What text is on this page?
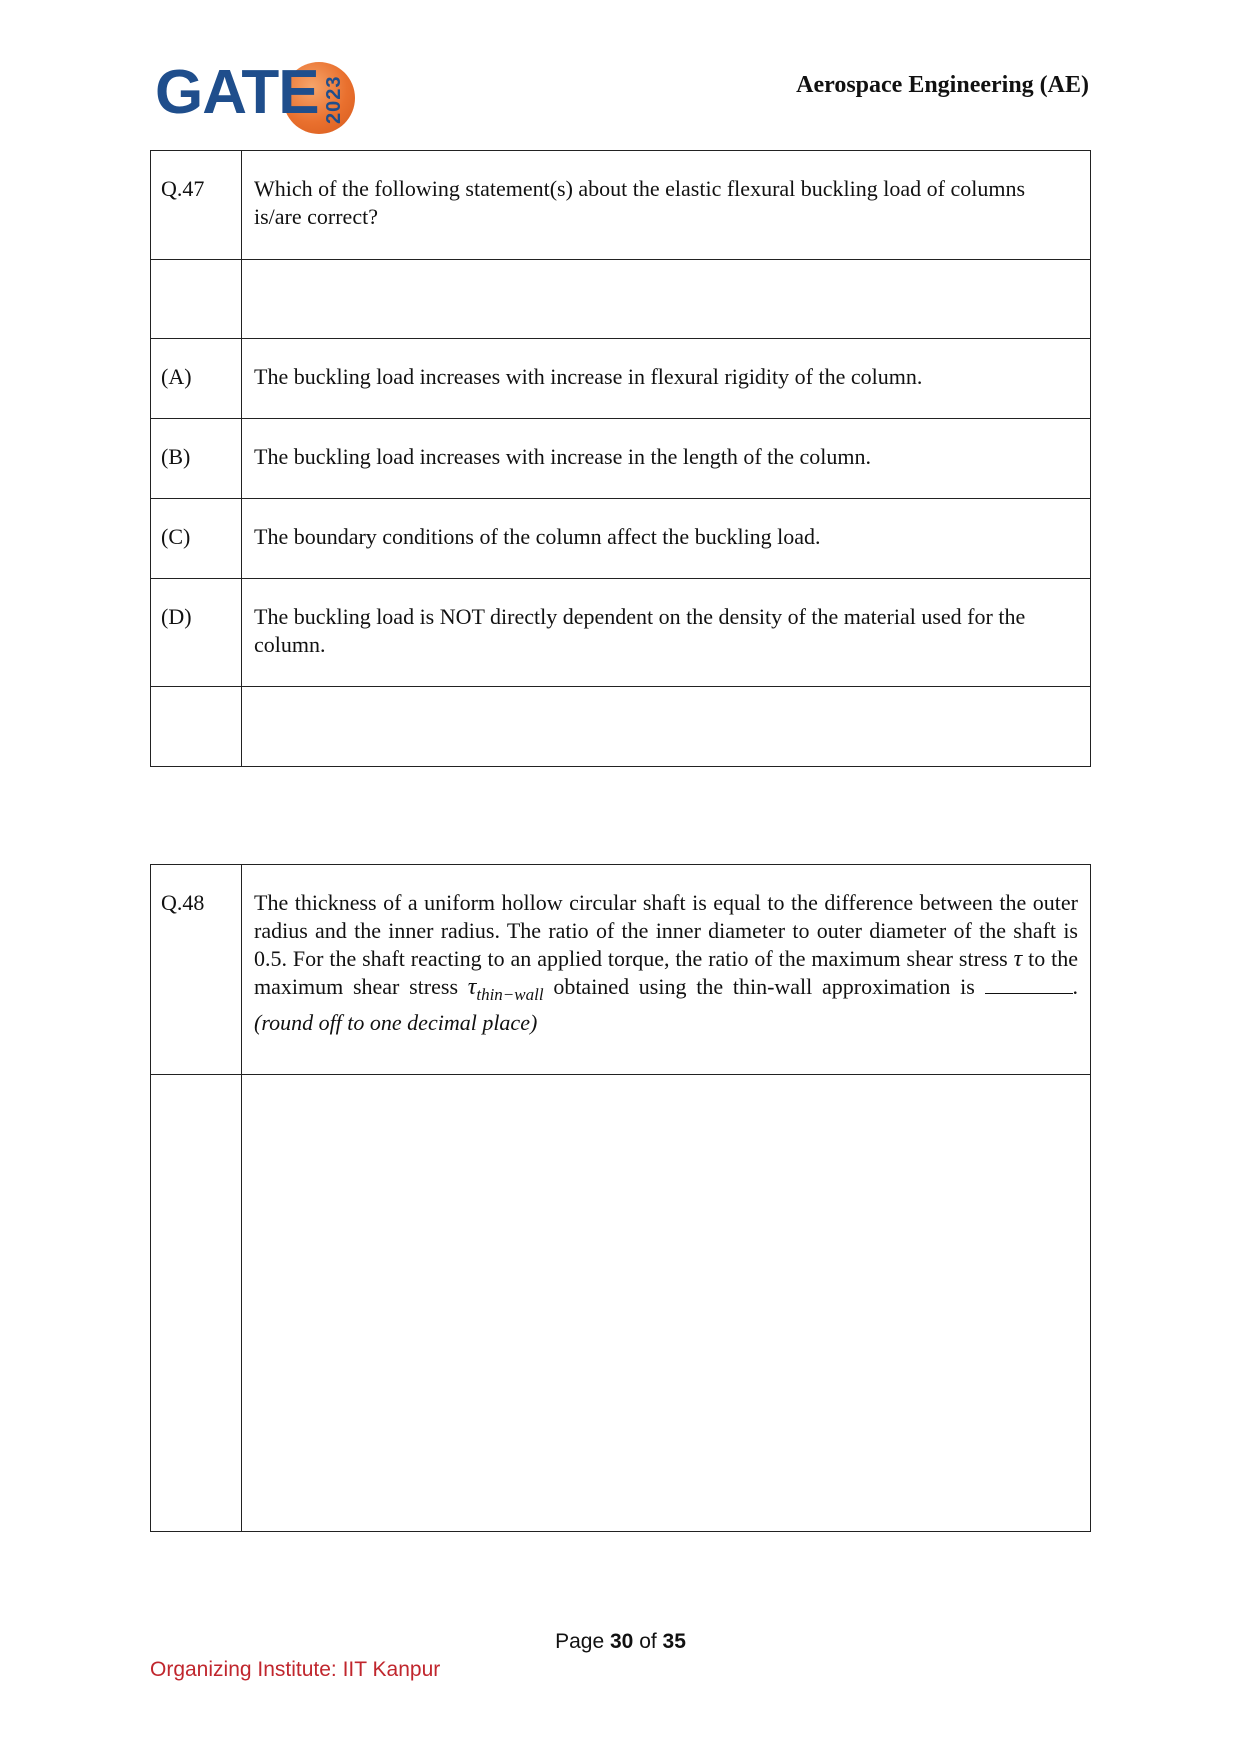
GATE 2023	Aerospace Engineering (AE)
Q.47	Which of the following statement(s) about the elastic flexural buckling load of columns is/are correct?

(A)	The buckling load increases with increase in flexural rigidity of the column.
(B)	The buckling load increases with increase in the length of the column.
(C)	The boundary conditions of the column affect the buckling load.
(D)	The buckling load is NOT directly dependent on the density of the material used for the column.

Q.48	The thickness of a uniform hollow circular shaft is equal to the difference between the outer radius and the inner radius. The ratio of the inner diameter to outer diameter of the shaft is 0.5. For the shaft reacting to an applied torque, the ratio of the maximum shear stress τ to the maximum shear stress $\tau_{thin-wall}$ obtained using the thin-wall approximation is . (round off to one decimal place)

Page 30 of 35
Organizing Institute: IIT Kanpur
